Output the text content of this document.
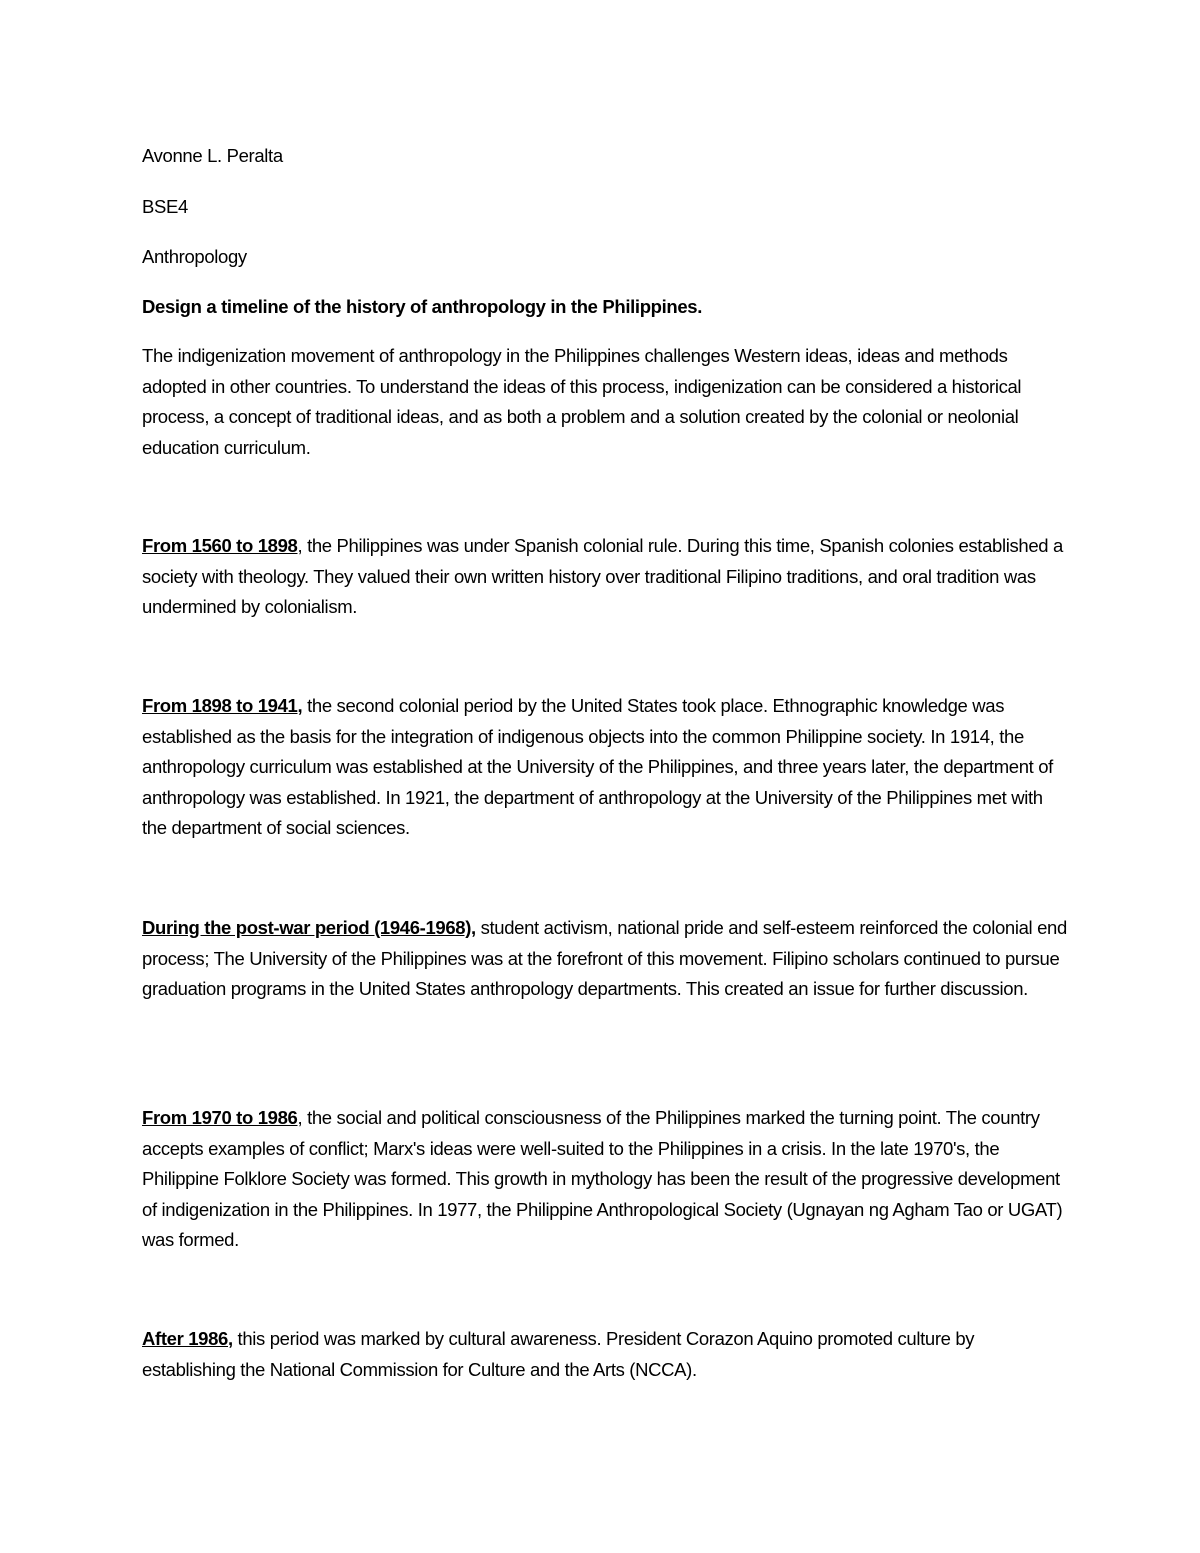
Avonne L. Peralta

BSE4

Anthropology

Design a timeline of the history of anthropology in the Philippines.

The indigenization movement of anthropology in the Philippines challenges Western ideas, ideas and methods adopted in other countries. To understand the ideas of this process, indigenization can be considered a historical process, a concept of traditional ideas, and as both a problem and a solution created by the colonial or neolonial education curriculum.

From 1560 to 1898, the Philippines was under Spanish colonial rule. During this time, Spanish colonies established a society with theology. They valued their own written history over traditional Filipino traditions, and oral tradition was undermined by colonialism.

From 1898 to 1941, the second colonial period by the United States took place. Ethnographic knowledge was established as the basis for the integration of indigenous objects into the common Philippine society. In 1914, the anthropology curriculum was established at the University of the Philippines, and three years later, the department of anthropology was established. In 1921, the department of anthropology at the University of the Philippines met with the department of social sciences.

During the post-war period (1946-1968), student activism, national pride and self-esteem reinforced the colonial end process; The University of the Philippines was at the forefront of this movement. Filipino scholars continued to pursue graduation programs in the United States anthropology departments. This created an issue for further discussion.

From 1970 to 1986, the social and political consciousness of the Philippines marked the turning point. The country accepts examples of conflict; Marx's ideas were well-suited to the Philippines in a crisis. In the late 1970's, the Philippine Folklore Society was formed. This growth in mythology has been the result of the progressive development of indigenization in the Philippines. In 1977, the Philippine Anthropological Society (Ugnayan ng Agham Tao or UGAT) was formed.

After 1986, this period was marked by cultural awareness. President Corazon Aquino promoted culture by establishing the National Commission for Culture and the Arts (NCCA).
